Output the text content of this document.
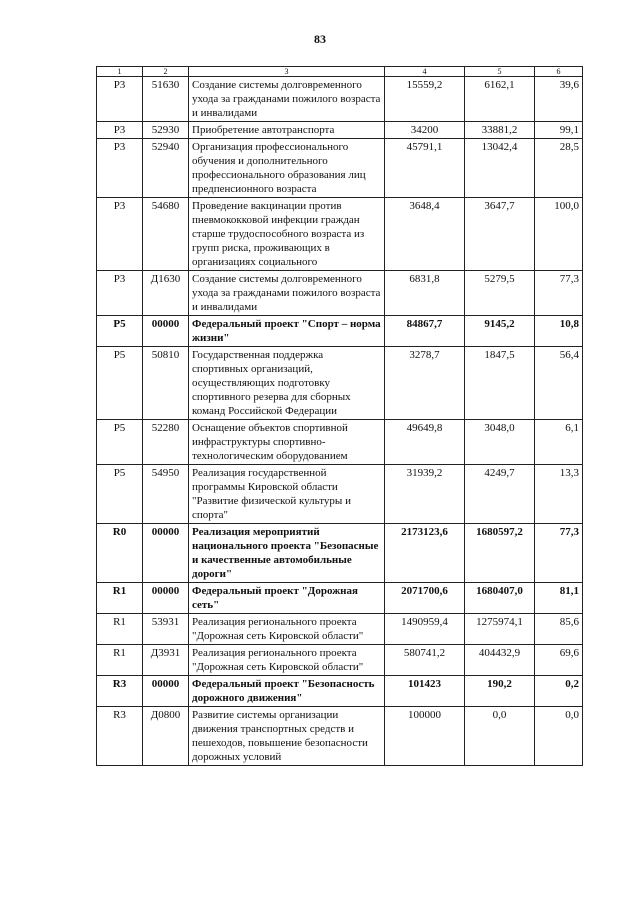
83
1	2	3	4	5	6
P3	51630	Создание системы долговременного ухода за гражданами пожилого возраста и инвалидами	15559,2	6162,1	39,6
P3	52930	Приобретение автотранспорта	34200	33881,2	99,1
P3	52940	Организация профессионального обучения и дополнительного профессионального образования лиц предпенсионного возраста	45791,1	13042,4	28,5
P3	54680	Проведение вакцинации против пневмококковой инфекции граждан старше трудоспособного возраста из групп риска, проживающих в организациях социального	3648,4	3647,7	100,0
P3	Д1630	Создание системы долговременного ухода за гражданами пожилого возраста и инвалидами	6831,8	5279,5	77,3
P5	00000	Федеральный проект "Спорт – норма жизни"	84867,7	9145,2	10,8
P5	50810	Государственная поддержка спортивных организаций, осуществляющих подготовку спортивного резерва для сборных команд Российской Федерации	3278,7	1847,5	56,4
P5	52280	Оснащение объектов спортивной инфраструктуры спортивно-технологическим оборудованием	49649,8	3048,0	6,1
P5	54950	Реализация государственной программы Кировской области "Развитие физической культуры и спорта"	31939,2	4249,7	13,3
R0	00000	Реализация мероприятий национального проекта "Безопасные и качественные автомобильные дороги"	2173123,6	1680597,2	77,3
R1	00000	Федеральный проект "Дорожная сеть"	2071700,6	1680407,0	81,1
R1	53931	Реализация регионального проекта "Дорожная сеть Кировской области"	1490959,4	1275974,1	85,6
R1	Д3931	Реализация регионального проекта "Дорожная сеть Кировской области"	580741,2	404432,9	69,6
R3	00000	Федеральный проект "Безопасность дорожного движения"	101423	190,2	0,2
R3	Д0800	Развитие системы организации движения транспортных средств и пешеходов, повышение безопасности дорожных условий	100000	0,0	0,0
